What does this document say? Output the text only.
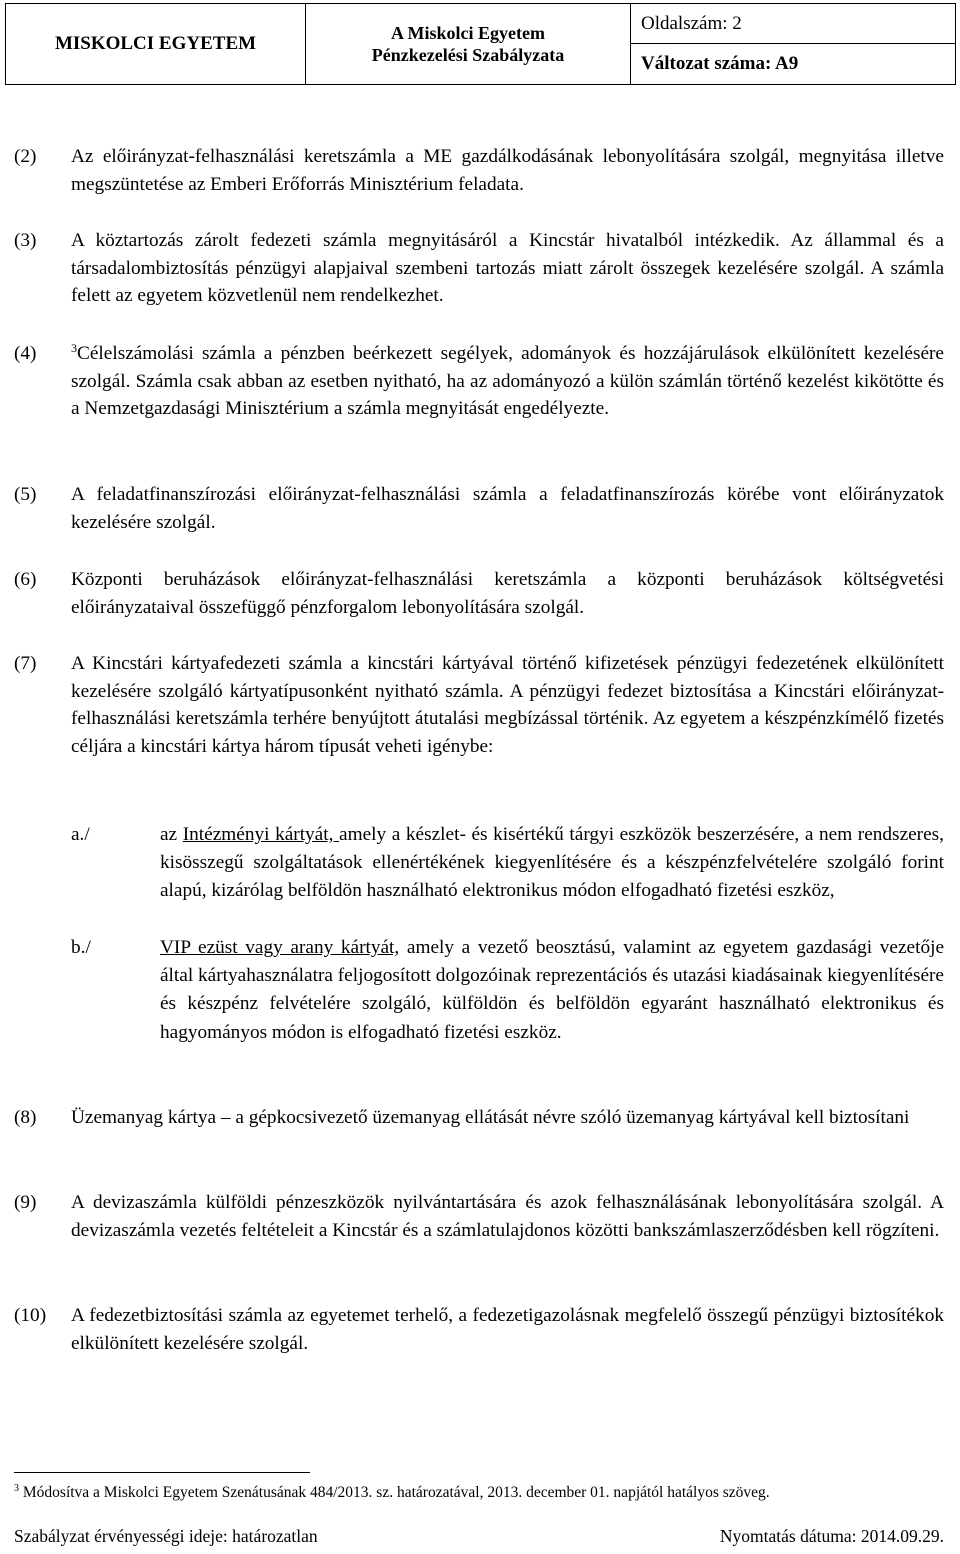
MISKOLCI EGYETEM	A Miskolci Egyetem
Pénzkezelési Szabályzata
	Oldalszám: 2
Változat száma: A9
(2) Az előirányzat-felhasználási keretszámla a ME gazdálkodásának lebonyolítására szolgál, megnyitása illetve megszüntetése az Emberi Erőforrás Minisztérium feladata.
(3) A köztartozás zárolt fedezeti számla megnyitásáról a Kincstár hivatalból intézkedik. Az állammal és a társadalombiztosítás pénzügyi alapjaival szembeni tartozás miatt zárolt összegek kezelésére szolgál. A számla felett az egyetem közvetlenül nem rendelkezhet.
(4)	$^3$Célelszámolási számla a pénzben beérkezett segélyek, adományok és hozzájárulások elkülönített kezelésére szolgál. Számla csak abban az esetben nyitható, ha az adományozó a külön számlán történő kezelést kikötötte és a Nemzetgazdasági Minisztérium a számla megnyitását engedélyezte.
(5) A feladatfinanszírozási előirányzat-felhasználási számla a feladatfinanszírozás körébe vont előirányzatok kezelésére szolgál.
(6) Központi beruházások előirányzat-felhasználási keretszámla a központi beruházások költségvetési előirányzataival összefüggő pénzforgalom lebonyolítására szolgál.
(7) A Kincstári kártyafedezeti számla a kincstári kártyával történő kifizetések pénzügyi fedezetének elkülönített kezelésére szolgáló kártyatípusonként nyitható számla. A pénzügyi fedezet biztosítása a Kincstári előirányzat-felhasználási keretszámla terhére benyújtott átutalási megbízással történik. Az egyetem a készpénzkímélő fizetés céljára a kincstári kártya három típusát veheti igénybe:
a./	az Intézményi kártyát, amely a készlet- és kisértékű tárgyi eszközök beszerzésére, a nem rendszeres, kisösszegű szolgáltatások ellenértékének kiegyenlítésére és a készpénzfelvételére szolgáló forint alapú, kizárólag belföldön használható elektronikus módon elfogadható fizetési eszköz,
b./	VIP ezüst vagy arany kártyát, amely a vezető beosztású, valamint az egyetem gazdasági vezetője által kártyahasználatra feljogosított dolgozóinak reprezentációs és utazási kiadásainak kiegyenlítésére és készpénz felvételére szolgáló, külföldön és belföldön egyaránt használható elektronikus és hagyományos módon is elfogadható fizetési eszköz.
(8) Üzemanyag kártya – a gépkocsivezető üzemanyag ellátását névre szóló üzemanyag kártyával kell biztosítani
(9) A devizaszámla külföldi pénzeszközök nyilvántartására és azok felhasználásának lebonyolítására szolgál. A devizaszámla vezetés feltételeit a Kincstár és a számlatulajdonos közötti bankszámlaszerződésben kell rögzíteni.
(10) A fedezetbiztosítási számla az egyetemet terhelő, a fedezetigazolásnak megfelelő összegű pénzügyi biztosítékok elkülönített kezelésére szolgál.
$^3$ Módosítva a Miskolci Egyetem Szenátusának 484/2013. sz. határozatával, 2013. december 01. napjától hatályos szöveg.
Szabályzat érvényességi ideje: határozatlan	Nyomtatás dátuma: 2014.09.29.
